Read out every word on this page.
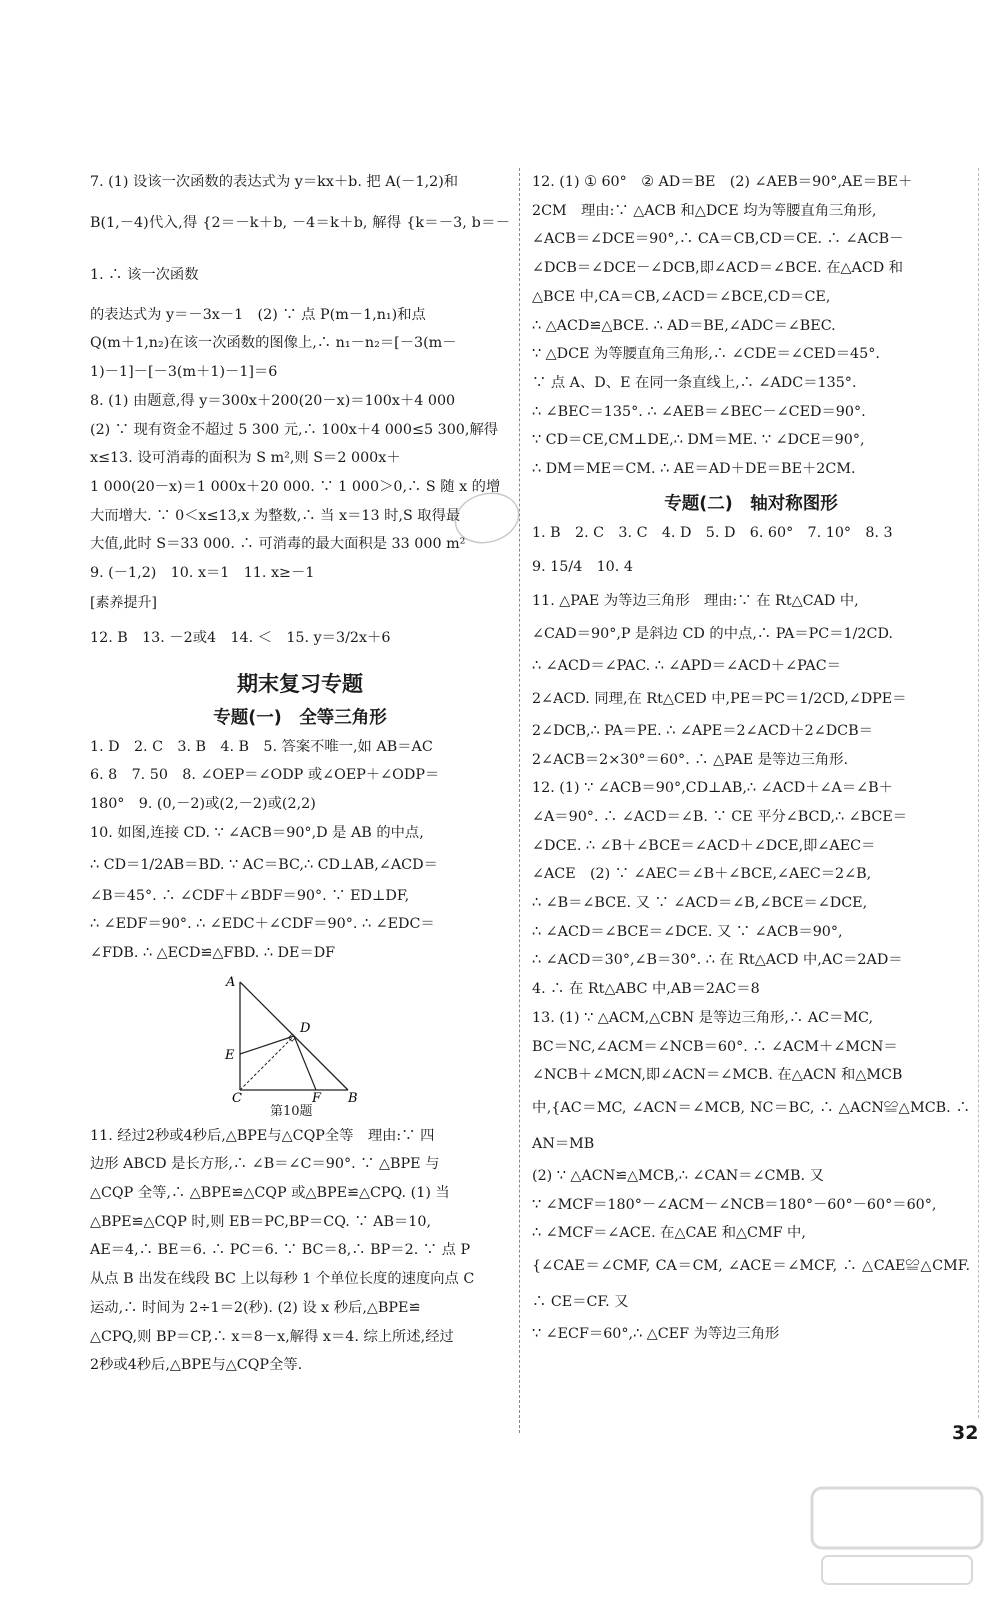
7. (1) 设该一次函数的表达式为 y＝kx＋b. 把 A(－1,2)和

B(1,－4)代入,得 {2＝－k＋b, －4＝k＋b, 解得 {k＝－3, b＝－1. ∴ 该一次函数

的表达式为 y＝－3x－1　(2) ∵ 点 P(m－1,n₁)和点

Q(m＋1,n₂)在该一次函数的图像上,∴ n₁－n₂＝[－3(m－

1)－1]－[－3(m＋1)－1]＝6

8. (1) 由题意,得 y＝300x＋200(20－x)＝100x＋4 000

(2) ∵ 现有资金不超过 5 300 元,∴ 100x＋4 000≤5 300,解得

x≤13. 设可消毒的面积为 S m²,则 S＝2 000x＋

1 000(20－x)＝1 000x＋20 000. ∵ 1 000＞0,∴ S 随 x 的增

大而增大. ∵ 0＜x≤13,x 为整数,∴ 当 x＝13 时,S 取得最

大值,此时 S＝33 000. ∴ 可消毒的最大面积是 33 000 m²

9. (－1,2)　10. x＝1　11. x≥－1

[素养提升]

12. B　13. －2或4　14. ＜　15. y＝3/2x＋6

期末复习专题
专题(一)　全等三角形

1. D　2. C　3. B　4. B　5. 答案不唯一,如 AB＝AC

6. 8　7. 50　8. ∠OEP＝∠ODP 或∠OEP＋∠ODP＝

180°　9. (0,－2)或(2,－2)或(2,2)

10. 如图,连接 CD. ∵ ∠ACB＝90°,D 是 AB 的中点,

∴ CD＝1/2AB＝BD. ∵ AC＝BC,∴ CD⊥AB,∠ACD＝

∠B＝45°. ∴ ∠CDF＋∠BDF＝90°. ∵ ED⊥DF,

∴ ∠EDF＝90°. ∴ ∠EDC＋∠CDF＝90°. ∴ ∠EDC＝

∠FDB. ∴ △ECD≌△FBD. ∴ DE＝DF

A
D
E
C	F B
第10题

11. 经过2秒或4秒后,△BPE与△CQP全等　理由:∵ 四

边形 ABCD 是长方形,∴ ∠B＝∠C＝90°. ∵ △BPE 与

△CQP 全等,∴ △BPE≌△CQP 或△BPE≌△CPQ. (1) 当

△BPE≌△CQP 时,则 EB＝PC,BP＝CQ. ∵ AB＝10,

AE＝4,∴ BE＝6. ∴ PC＝6. ∵ BC＝8,∴ BP＝2. ∵ 点 P

从点 B 出发在线段 BC 上以每秒 1 个单位长度的速度向点 C

运动,∴ 时间为 2÷1＝2(秒). (2) 设 x 秒后,△BPE≌

△CPQ,则 BP＝CP,∴ x＝8－x,解得 x＝4. 综上所述,经过

2秒或4秒后,△BPE与△CQP全等.

12. (1) ① 60°　② AD＝BE　(2) ∠AEB＝90°,AE＝BE＋

2CM　理由:∵ △ACB 和△DCE 均为等腰直角三角形,

∠ACB＝∠DCE＝90°,∴ CA＝CB,CD＝CE. ∴ ∠ACB－

∠DCB＝∠DCE－∠DCB,即∠ACD＝∠BCE. 在△ACD 和

△BCE 中,CA＝CB,∠ACD＝∠BCE,CD＝CE,

∴ △ACD≌△BCE. ∴ AD＝BE,∠ADC＝∠BEC.

∵ △DCE 为等腰直角三角形,∴ ∠CDE＝∠CED＝45°.

∵ 点 A、D、E 在同一条直线上,∴ ∠ADC＝135°.

∴ ∠BEC＝135°. ∴ ∠AEB＝∠BEC－∠CED＝90°.

∵ CD＝CE,CM⊥DE,∴ DM＝ME. ∵ ∠DCE＝90°,

∴ DM＝ME＝CM. ∴ AE＝AD＋DE＝BE＋2CM.

专题(二)　轴对称图形

1. B　2. C　3. C　4. D　5. D　6. 60°　7. 10°　8. 3

9. 15/4　10. 4

11. △PAE 为等边三角形　理由:∵ 在 Rt△CAD 中,

∠CAD＝90°,P 是斜边 CD 的中点,∴ PA＝PC＝1/2CD.

∴ ∠ACD＝∠PAC. ∴ ∠APD＝∠ACD＋∠PAC＝

2∠ACD. 同理,在 Rt△CED 中,PE＝PC＝1/2CD,∠DPE＝

2∠DCB,∴ PA＝PE. ∴ ∠APE＝2∠ACD＋2∠DCB＝

2∠ACB＝2×30°＝60°. ∴ △PAE 是等边三角形.

12. (1) ∵ ∠ACB＝90°,CD⊥AB,∴ ∠ACD＋∠A＝∠B＋

∠A＝90°. ∴ ∠ACD＝∠B. ∵ CE 平分∠BCD,∴ ∠BCE＝

∠DCE. ∴ ∠B＋∠BCE＝∠ACD＋∠DCE,即∠AEC＝

∠ACE　(2) ∵ ∠AEC＝∠B＋∠BCE,∠AEC＝2∠B,

∴ ∠B＝∠BCE. 又 ∵ ∠ACD＝∠B,∠BCE＝∠DCE,

∴ ∠ACD＝∠BCE＝∠DCE. 又 ∵ ∠ACB＝90°,

∴ ∠ACD＝30°,∠B＝30°. ∴ 在 Rt△ACD 中,AC＝2AD＝

4. ∴ 在 Rt△ABC 中,AB＝2AC＝8

13. (1) ∵ △ACM,△CBN 是等边三角形,∴ AC＝MC,

BC＝NC,∠ACM＝∠NCB＝60°. ∴ ∠ACM＋∠MCN＝

∠NCB＋∠MCN,即∠ACN＝∠MCB. 在△ACN 和△MCB

中,{AC＝MC, ∠ACN＝∠MCB, NC＝BC, ∴ △ACN≌△MCB. ∴ AN＝MB

(2) ∵ △ACN≌△MCB,∴ ∠CAN＝∠CMB. 又

∵ ∠MCF＝180°－∠ACM－∠NCB＝180°－60°－60°＝60°,

∴ ∠MCF＝∠ACE. 在△CAE 和△CMF 中,

{∠CAE＝∠CMF, CA＝CM, ∠ACE＝∠MCF, ∴ △CAE≌△CMF. ∴ CE＝CF. 又

∵ ∠ECF＝60°,∴ △CEF 为等边三角形

32
